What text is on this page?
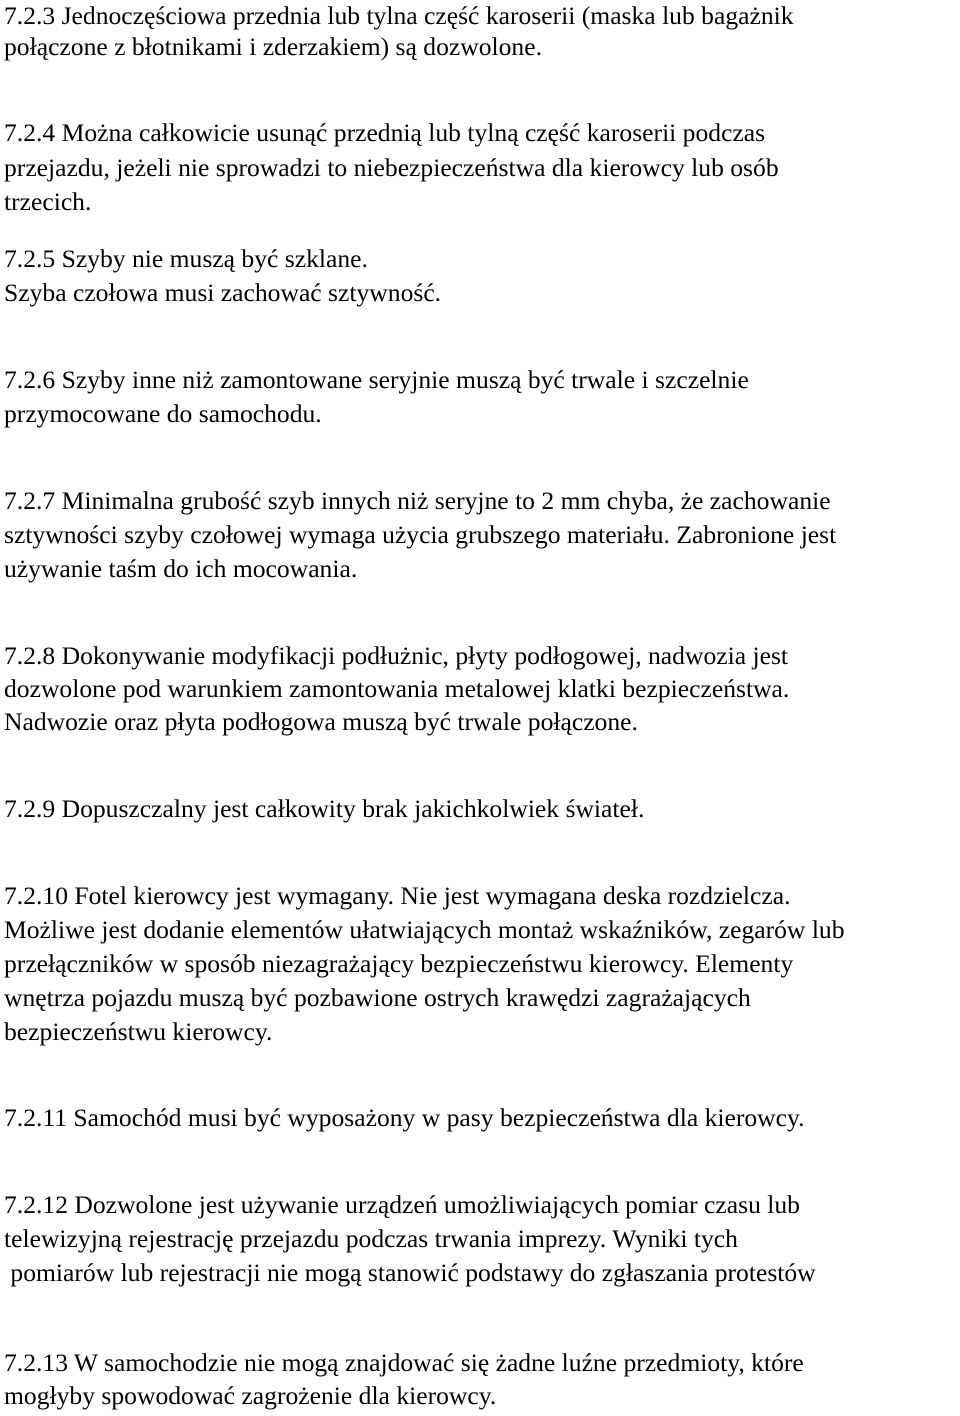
7.2.3 Jednoczęściowa przednia lub tylna część karoserii (maska lub bagażnik
połączone z błotnikami i zderzakiem) są dozwolone.
7.2.4 Można całkowicie usunąć przednią lub tylną część karoserii podczas
przejazdu, jeżeli nie sprowadzi to niebezpieczeństwa dla kierowcy lub osób
trzecich.
7.2.5 Szyby nie muszą być szklane.
Szyba czołowa musi zachować sztywność.
7.2.6 Szyby inne niż zamontowane seryjnie muszą być trwale i szczelnie
przymocowane do samochodu.
7.2.7 Minimalna grubość szyb innych niż seryjne to 2 mm chyba, że zachowanie
sztywności szyby czołowej wymaga użycia grubszego materiału. Zabronione jest
używanie taśm do ich mocowania.
7.2.8 Dokonywanie modyfikacji podłużnic, płyty podłogowej, nadwozia jest
dozwolone pod warunkiem zamontowania metalowej klatki bezpieczeństwa.
Nadwozie oraz płyta podłogowa muszą być trwale połączone.
7.2.9 Dopuszczalny jest całkowity brak jakichkolwiek świateł.
7.2.10 Fotel kierowcy jest wymagany. Nie jest wymagana deska rozdzielcza.
Możliwe jest dodanie elementów ułatwiających montaż wskaźników, zegarów lub
przełączników w sposób niezagrażający bezpieczeństwu kierowcy. Elementy
wnętrza pojazdu muszą być pozbawione ostrych krawędzi zagrażających
bezpieczeństwu kierowcy.
7.2.11 Samochód musi być wyposażony w pasy bezpieczeństwa dla kierowcy.
7.2.12 Dozwolone jest używanie urządzeń umożliwiających pomiar czasu lub
telewizyjną rejestrację przejazdu podczas trwania imprezy. Wyniki tych
pomiarów lub rejestracji nie mogą stanowić podstawy do zgłaszania protestów
7.2.13 W samochodzie nie mogą znajdować się żadne luźne przedmioty, które
mogłyby spowodować zagrożenie dla kierowcy.
